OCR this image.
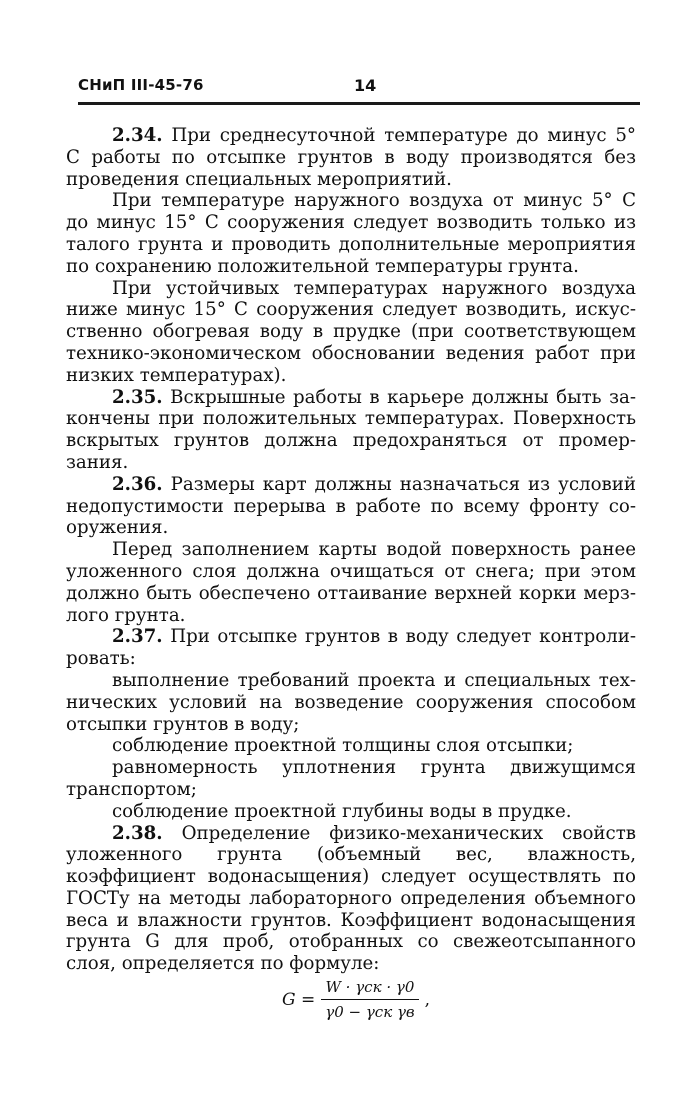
СНиП III-45-76	14

2.34. При среднесуточной температуре до минус 5° С работы по отсыпке грунтов в воду производятся без проведения специальных мероприятий.

При температуре наружного воздуха от минус 5° С до минус 15° С сооружения следует возводить только из талого грунта и проводить дополнительные мероприятия по сохранению положительной температуры грунта.

При устойчивых температурах наружного воздуха ниже минус 15° С сооружения следует возводить, искусственно обогревая воду в прудке (при соответствующем технико-экономическом обосновании ведения работ при низких температурах).

2.35. Вскрышные работы в карьере должны быть закончены при положительных температурах. Поверхность вскрытых грунтов должна предохраняться от промерзания.

2.36. Размеры карт должны назначаться из условий недопустимости перерыва в работе по всему фронту сооружения.

Перед заполнением карты водой поверхность ранее уложенного слоя должна очищаться от снега; при этом должно быть обеспечено оттаивание верхней корки мерзлого грунта.

2.37. При отсыпке грунтов в воду следует контролировать:

выполнение требований проекта и специальных технических условий на возведение сооружения способом отсыпки грунтов в воду;

соблюдение проектной толщины слоя отсыпки;

равномерность уплотнения грунта движущимся транспортом;

соблюдение проектной глубины воды в прудке.

2.38. Определение физико-механических свойств уложенного грунта (объемный вес, влажность, коэффициент водонасыщения) следует осуществлять по ГОСТу на методы лабораторного определения объемного веса и влажности грунтов. Коэффициент водонасыщения грунта G для проб, отобранных со свежеотсыпанного слоя, определяется по формуле:

$G = \frac{\text{W · γск · γ0}}{\text{γ0 − γск γв}}$ ,
